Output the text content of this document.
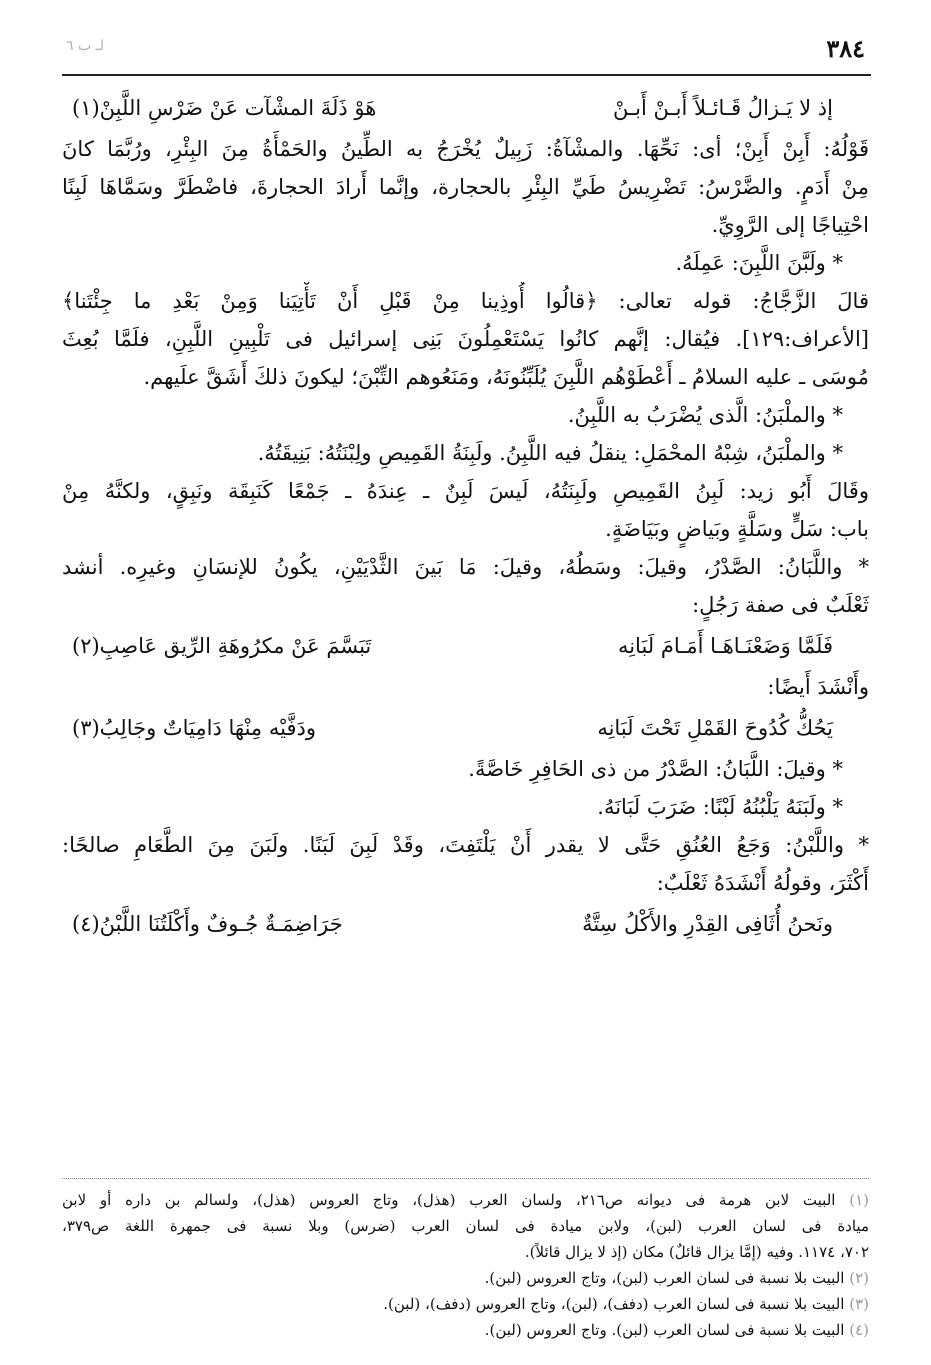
٣٨٤
لـ ب ٦
إذ لا يَـزالُ قَـائـلاً أَبـنْ أَبـنْ
هَوْ ذَلَةَ المشْآت عَنْ ضَرْسِ اللَّبِنْ(١)

قَوْلُهُ: أَبِنْ أَبِنْ؛ أى: نَحِّهَا. والمشْآةُ: زَبِيلٌ يُخْرَجُ به الطِّينُ والحَمْأَةُ مِنَ البِئْرِ، ورُبَّمَا كانَ

مِنْ أَدَمٍ. والضَّرْسُ: تَضْرِيسُ طَيِّ البِئْرِ بالحجارة، وإنَّما أَرادَ الحجارةَ، فاضْطَرَّ وسَمَّاهَا لَبِنًا

احْتِياجًا إلى الرَّوِيِّ.

* ولَبَّنَ اللَّبِنَ: عَمِلَهُ.

قالَ الزَّجَّاجُ: قوله تعالى: ﴿قالُوا أُوذِينا مِنْ قَبْلِ أَنْ تَأْتِيَنا وَمِنْ بَعْدِ ما جِئْتَنا﴾

[الأعراف:١٢٩]. فيُقال: إنَّهم كانُوا يَسْتَعْمِلُونَ بَنِى إسرائيل فى تَلْبِينِ اللَّبِنِ، فلَمَّا بُعِثَ

مُوسَى ـ عليه السلامُ ـ أَعْطَوْهُم اللَّبِنَ يُلَبِّنُونَهُ، ومَنَعُوهم التِّبْنَ؛ ليكونَ ذلكَ أَشَقَّ علَيهم.

* والملْبَنُ: الَّذى يُضْرَبُ به اللَّبِنُ.

* والملْبَنُ، شِبْهُ المحْمَلِ: ينقلُ فيه اللَّبِنُ. ولَبِنَةُ القَمِيصِ ولِبْنَتُهُ: بَنِيقَتُهُ.

وقَالَ أَبُو زيد: لَبِنُ القَمِيصِ ولَبِنَتُهُ، لَيسَ لَبِنٌ ـ عِندَهُ ـ جَمْعًا كَنَبِقَة ونَبِقٍ، ولكنَّهُ مِنْ

باب: سَلٍّ وسَلَّةٍ وبَياضٍ وبَيَاضَةٍ.

* واللَّبَانُ: الصَّدْرُ، وقيلَ: وسَطُهُ، وقيلَ: مَا بَينَ الثَّدْيَيْنِ، يكُونُ للإنسَانِ وغيرِه. أنشد

ثَعْلَبٌ فى صفة رَجُلٍ:

فَلَمَّا وَضَعْنَـاهَـا أَمَـامَ لَبَانِه
تَبَسَّمَ عَنْ مكرُوهَةِ الرِّيق عَاصِبِ(٢)

وأَنْشَدَ أَيضًا:

يَحُكُّ كُدُوحَ القَمْلِ تَحْتَ لَبَانِه
ودَفَّيْه مِنْهَا دَامِيَاتٌ وجَالِبُ(٣)

* وقيلَ: اللَّبَانُ: الصَّدْرُ من ذى الحَافِرِ خَاصَّةً.

* ولَبَنَهُ يَلْبُنُهُ لَبْنًا: ضَرَبَ لَبَانَهُ.

* واللَّبْنُ: وَجَعُ العُنُقِ حَتَّى لا يقدر أَنْ يَلْتَفِتَ، وقَدْ لَبِنَ لَبَنًا. ولَبَنَ مِنَ الطَّعَامِ صالحًا:

أَكْثَرَ، وقولُهُ أَنْشَدَهُ ثَعْلَبٌ:

ونَحنُ أُثَافِى القِدْرِ والأَكْلُ سِتَّةٌ
جَرَاضِمَـةٌ جُـوفٌ وأَكْلَتُنَا اللَّبْنُ(٤)

(١) البيت لابن هرمة فى ديوانه ص٢١٦، ولسان العرب (هذل)، وتاج العروس (هذل)، ولسالم بن داره أو لابن

ميادة فى لسان العرب (لبن)، ولابن ميادة فى لسان العرب (ضرس) وبلا نسبة فى جمهرة اللغة ص٣٧٩،

٧٠٢، ١١٧٤. وفيه (إمَّا يزال قائلٌ) مكان (إذ لا يزال قائلاً).

(٢) البيت بلا نسبة فى لسان العرب (لبن)، وتاج العروس (لبن).

(٣) البيت بلا نسبة فى لسان العرب (دفف)، (لبن)، وتاج العروس (دفف)، (لبن).

(٤) البيت بلا نسبة فى لسان العرب (لبن). وتاج العروس (لبن).
